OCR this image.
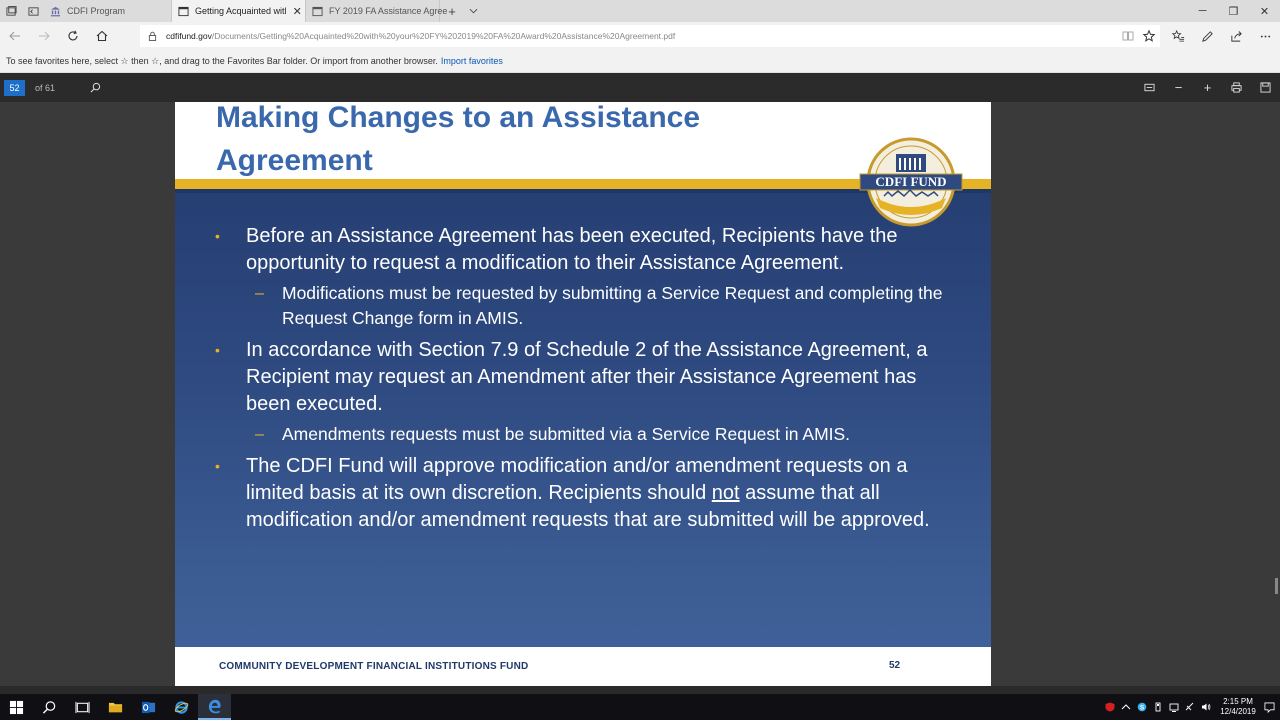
CDFI Program	Getting Acquainted witl ✕	FY 2019 FA Assistance Agree +	─	❐	✕
cdfifund.gov /Documents/Getting%20Acquainted%20with%20your%20FY%202019%20FA%20Award%20Assistance%20Agreement.pdf
To see favorites here, select ☆ then ☆, and drag to the Favorites Bar folder. Or import from another browser. Import favorites
52	of 61	−	+
Making Changes to an Assistance
Agreement
CDFI FUND
• Before an Assistance Agreement has been executed, Recipients have the opportunity to request a modification to their Assistance Agreement.
– Modifications must be requested by submitting a Service Request and completing the Request Change form in AMIS.
• In accordance with Section 7.9 of Schedule 2 of the Assistance Agreement, a Recipient may request an Amendment after their Assistance Agreement has been executed.
– Amendments requests must be submitted via a Service Request in AMIS.
• The CDFI Fund will approve modification and/or amendment requests on a limited basis at its own discretion. Recipients should not assume that all modification and/or amendment requests that are submitted will be approved.
COMMUNITY DEVELOPMENT FINANCIAL INSTITUTIONS FUND	52
S
2:15 PM
12/4/2019
